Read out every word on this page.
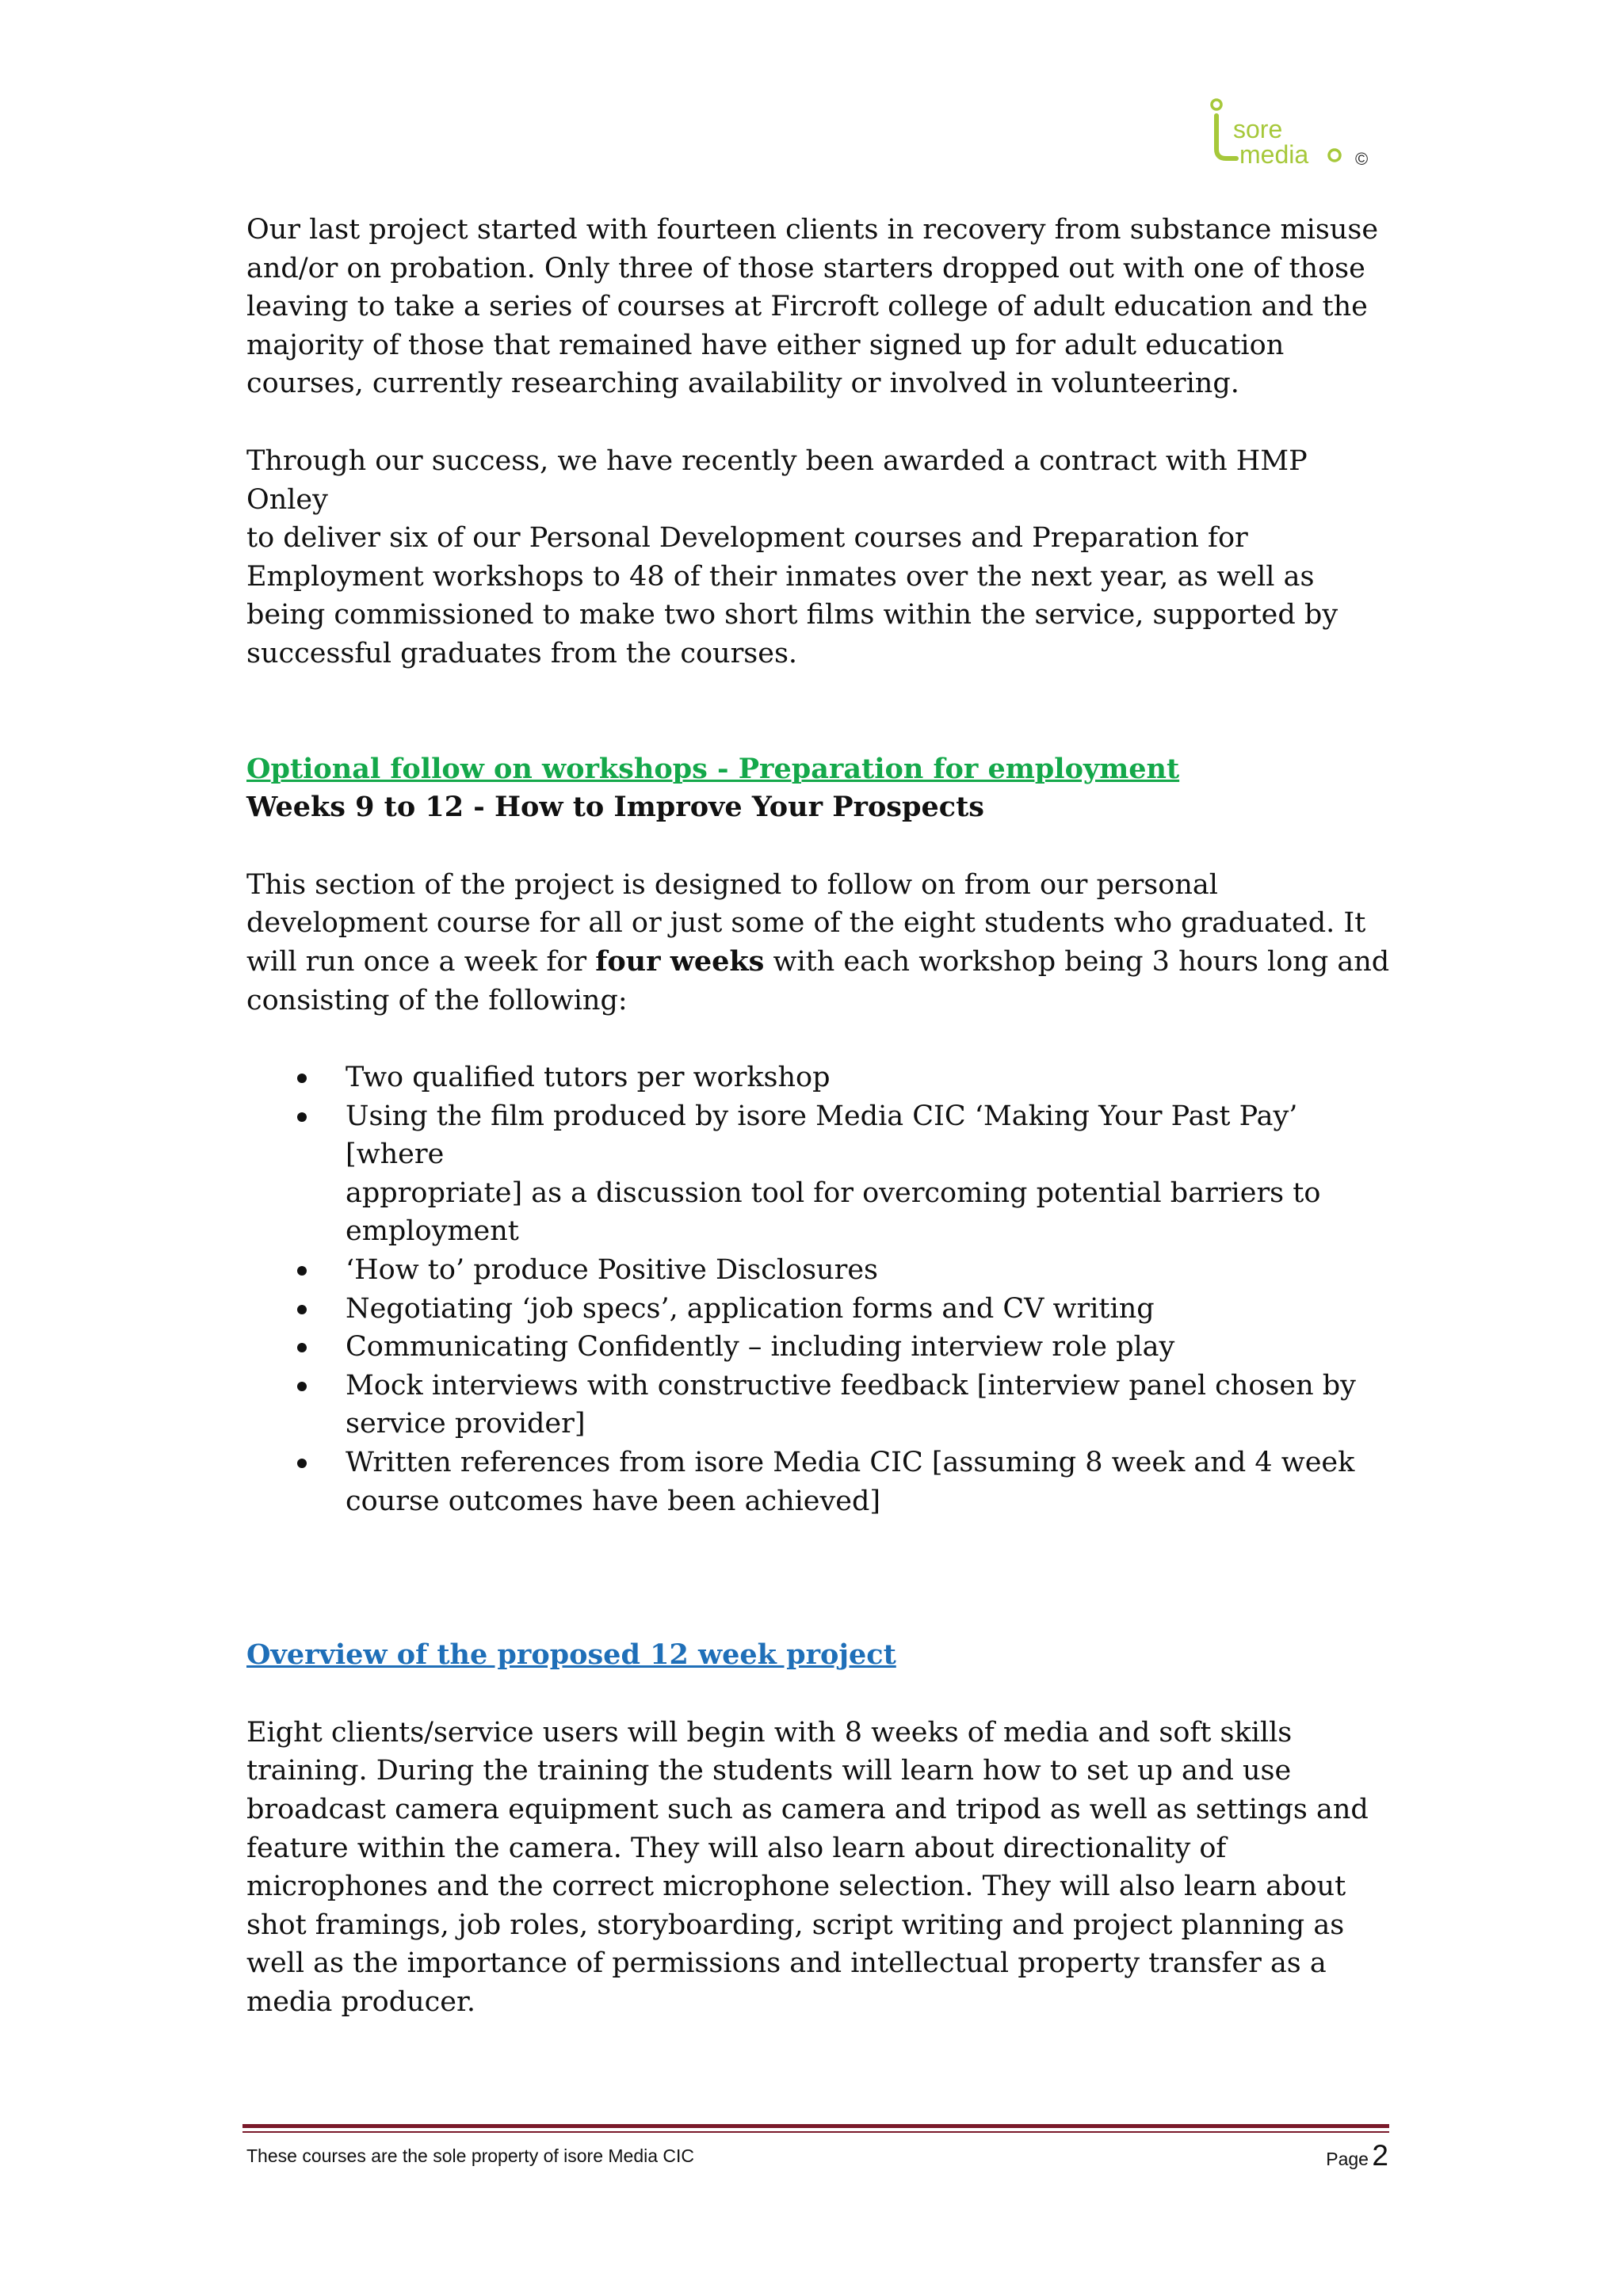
sore
media	©

Our last project started with fourteen clients in recovery from substance misuse
and/or on probation. Only three of those starters dropped out with one of those
leaving to take a series of courses at Fircroft college of adult education and the
majority of those that remained have either signed up for adult education
courses, currently researching availability or involved in volunteering.

Through our success, we have recently been awarded a contract with HMP Onley
to deliver six of our Personal Development courses and Preparation for
Employment workshops to 48 of their inmates over the next year, as well as
being commissioned to make two short films within the service, supported by
successful graduates from the courses.

Optional follow on workshops - Preparation for employment

Weeks 9 to 12 - How to Improve Your Prospects

This section of the project is designed to follow on from our personal
development course for all or just some of the eight students who graduated. It
will run once a week for four weeks with each workshop being 3 hours long and
consisting of the following:

Two qualified tutors per workshop
Using the film produced by isore Media CIC ‘Making Your Past Pay’ [where
appropriate] as a discussion tool for overcoming potential barriers to
employment
‘How to’ produce Positive Disclosures
Negotiating ‘job specs’, application forms and CV writing
Communicating Confidently – including interview role play
Mock interviews with constructive feedback [interview panel chosen by
service provider]
Written references from isore Media CIC [assuming 8 week and 4 week
course outcomes have been achieved]

Overview of the proposed 12 week project

Eight clients/service users will begin with 8 weeks of media and soft skills
training. During the training the students will learn how to set up and use
broadcast camera equipment such as camera and tripod as well as settings and
feature within the camera. They will also learn about directionality of
microphones and the correct microphone selection. They will also learn about
shot framings, job roles, storyboarding, script writing and project planning as
well as the importance of permissions and intellectual property transfer as a
media producer.

These courses are the sole property of isore Media CIC	Page 2
